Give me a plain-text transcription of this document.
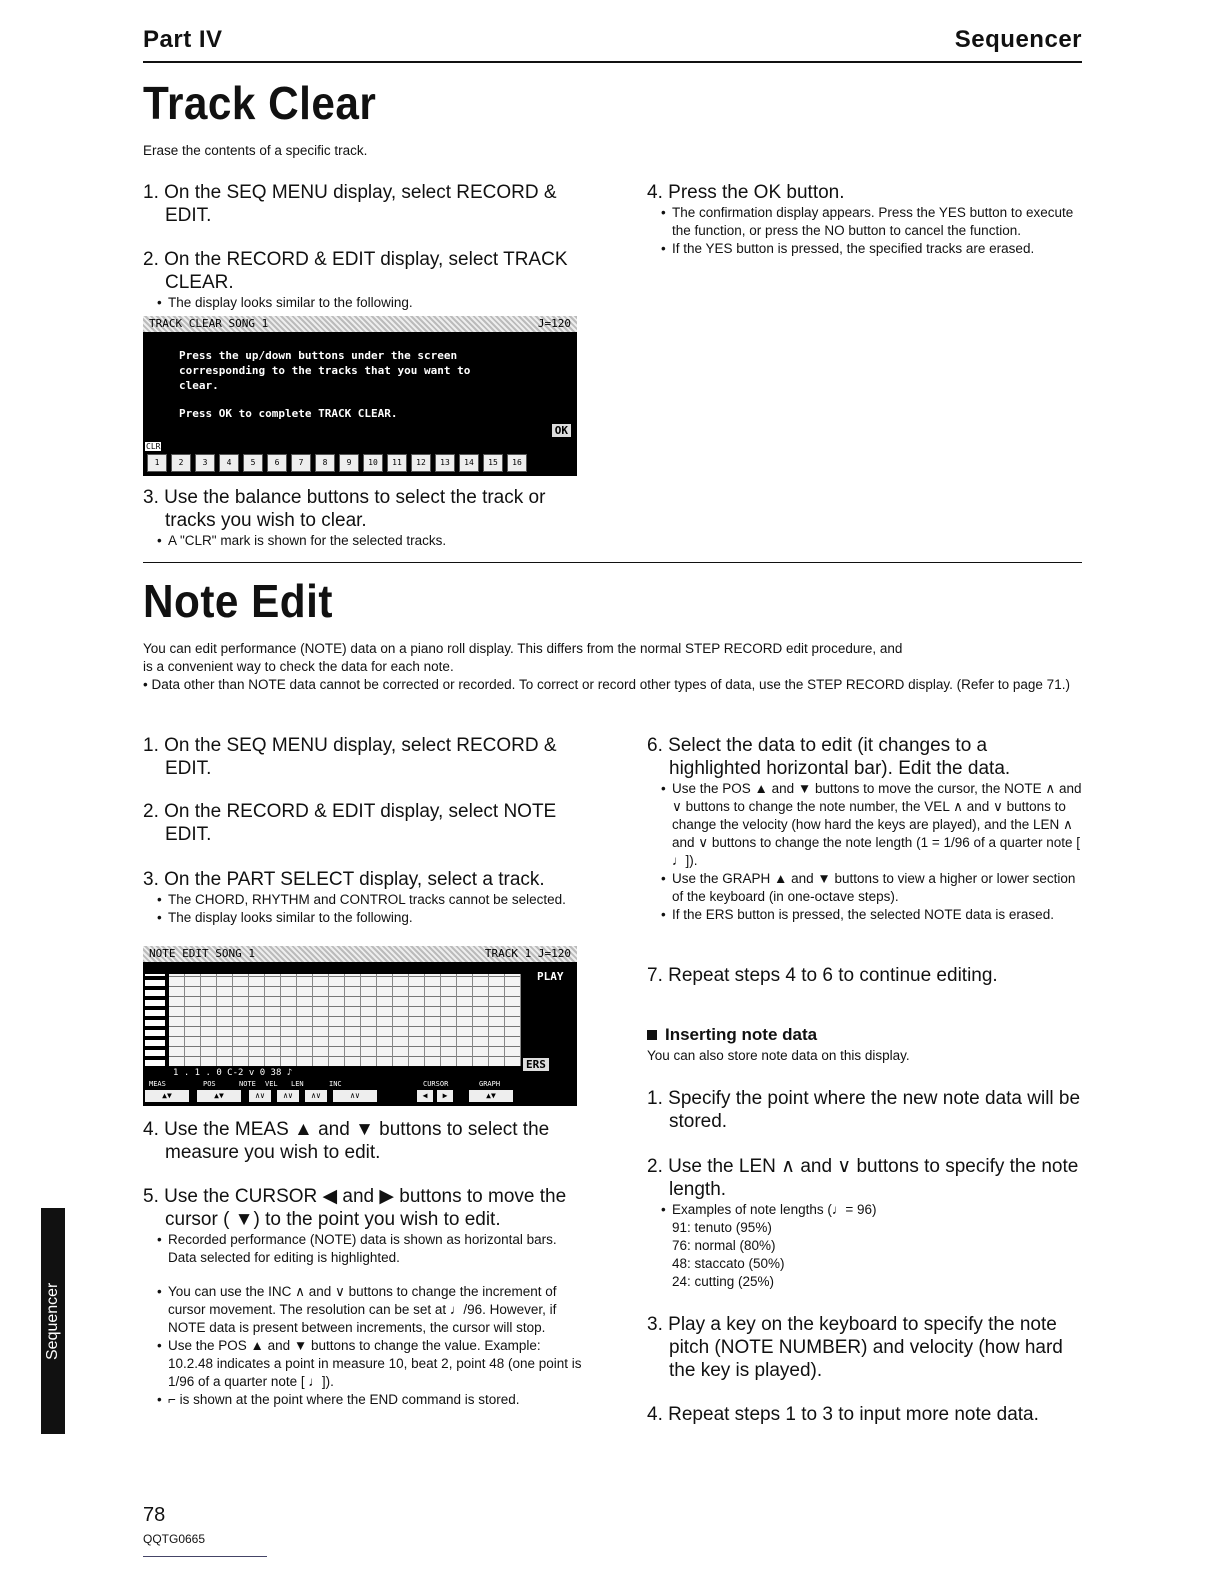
Part IV	Sequencer
Track Clear
Erase the contents of a specific track.

1. On the SEQ MENU display, select RECORD & EDIT.

2. On the RECORD & EDIT display, select TRACK CLEAR.

• The display looks similar to the following.

TRACK CLEAR SONG 1	J=120
Press the up/down buttons under the screen
corresponding to the tracks that you want to
clear.
Press OK to complete TRACK CLEAR.
OK
CLR
1	2	3	4	5	6	7	8	9	10	11	12	13	14	15	16

3. Use the balance buttons to select the track or tracks you wish to clear.

• A "CLR" mark is shown for the selected tracks.

4. Press the OK button.

• The confirmation display appears. Press the YES button to execute the function, or press the NO button to cancel the function.

• If the YES button is pressed, the specified tracks are erased.

Note Edit
You can edit performance (NOTE) data on a piano roll display. This differs from the normal STEP RECORD edit procedure, and
is a convenient way to check the data for each note.
• Data other than NOTE data cannot be corrected or recorded. To correct or record other types of data, use the STEP RECORD display. (Refer to page 71.)

1. On the SEQ MENU display, select RECORD & EDIT.

2. On the RECORD & EDIT display, select NOTE EDIT.

3. On the PART SELECT display, select a track.

• The CHORD, RHYTHM and CONTROL tracks cannot be selected.

• The display looks similar to the following.

NOTE EDIT SONG 1	TRACK 1 J=120
PLAY
ERS
1 . 1 . 0 C-2 v 0 38 ♪
MEAS	POS	NOTE VEL LEN	INC	CURSOR	GRAPH
▲▼	▲▼	∧∨	∧∨	∧∨	∧∨	◀	▶	▲▼

4. Use the MEAS ▲ and ▼ buttons to select the measure you wish to edit.

5. Use the CURSOR ◀ and ▶ buttons to move the cursor ( ▼) to the point you wish to edit.

• Recorded performance (NOTE) data is shown as horizontal bars. Data selected for editing is highlighted.

• You can use the INC ∧ and ∨ buttons to change the increment of cursor movement. The resolution can be set at ♩/96. However, if NOTE data is present between increments, the cursor will stop.

• Use the POS ▲ and ▼ buttons to change the value. Example: 10.2.48 indicates a point in measure 10, beat 2, point 48 (one point is 1/96 of a quarter note [ ♩]).

• ⌐ is shown at the point where the END command is stored.

6. Select the data to edit (it changes to a highlighted horizontal bar). Edit the data.

• Use the POS ▲ and ▼ buttons to move the cursor, the NOTE ∧ and ∨ buttons to change the note number, the VEL ∧ and ∨ buttons to change the velocity (how hard the keys are played), and the LEN ∧ and ∨ buttons to change the note length (1 = 1/96 of a quarter note [ ♩]).

• Use the GRAPH ▲ and ▼ buttons to view a higher or lower section of the keyboard (in one-octave steps).

• If the ERS button is pressed, the selected NOTE data is erased.

7. Repeat steps 4 to 6 to continue editing.

Inserting note data
You can also store note data on this display.

1. Specify the point where the new note data will be stored.

2. Use the LEN ∧ and ∨ buttons to specify the note length.

• Examples of note lengths (♩= 96)

91: tenuto (95%)

76: normal (80%)

48: staccato (50%)

24: cutting (25%)

3. Play a key on the keyboard to specify the note pitch (NOTE NUMBER) and velocity (how hard the key is played).

4. Repeat steps 1 to 3 to input more note data.

Sequencer
78
QQTG0665
